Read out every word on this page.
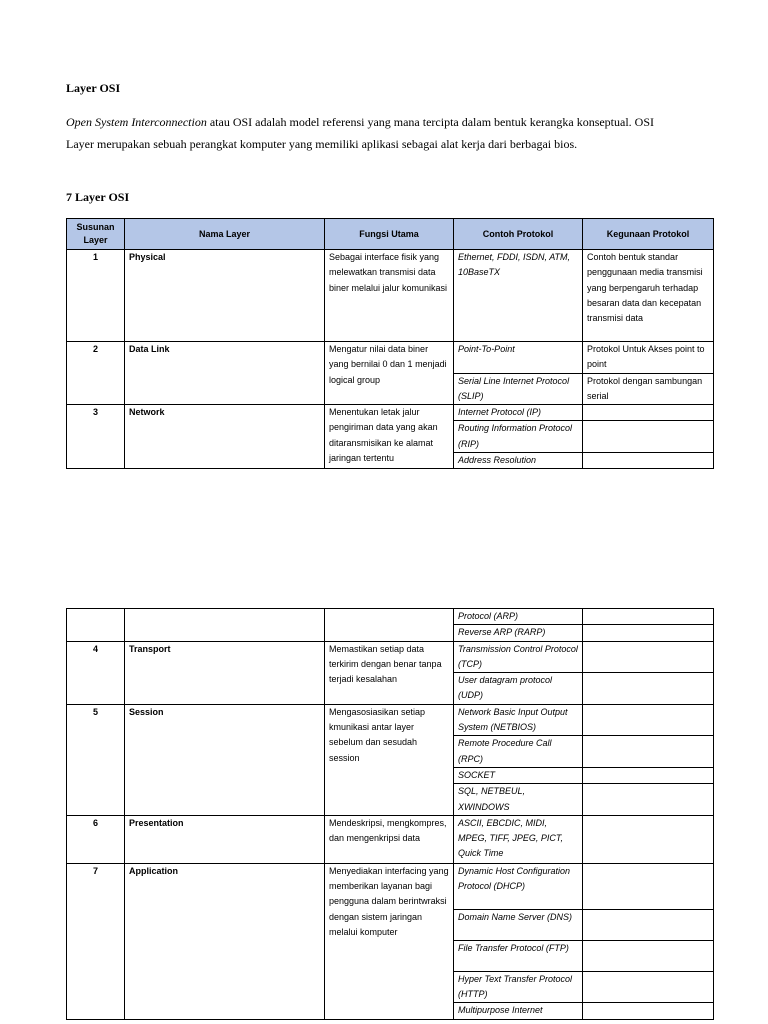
Layer OSI
Open System Interconnection atau OSI adalah model referensi yang mana tercipta dalam bentuk kerangka konseptual. OSI
Layer merupakan sebuah perangkat komputer yang memiliki aplikasi sebagai alat kerja dari berbagai bios.
7 Layer OSI
Susunan Layer	Nama Layer	Fungsi Utama	Contoh Protokol	Kegunaan Protokol
1	Physical	Sebagai interface fisik yang melewatkan transmisi data biner melalui jalur komunikasi	Ethernet, FDDI, ISDN, ATM, 10BaseTX	Contoh bentuk standar penggunaan media transmisi yang berpengaruh terhadap besaran data dan kecepatan transmisi data
2	Data Link	Mengatur nilai data biner yang bernilai 0 dan 1 menjadi logical group	Point-To-Point	Protokol Untuk Akses point to point
			Serial Line Internet Protocol (SLIP)	Protokol dengan sambungan serial
3	Network	Menentukan letak jalur pengiriman data yang akan ditaransmisikan ke alamat jaringan tertentu	Internet Protocol (IP)	
			Routing Information Protocol (RIP)	
			Address Resolution	
			Protocol (ARP)	
			Reverse ARP (RARP)	
4	Transport	Memastikan setiap data terkirim dengan benar tanpa terjadi kesalahan	Transmission Control Protocol (TCP)	
			User datagram protocol (UDP)	
5	Session	Mengasosiasikan setiap kmunikasi antar layer sebelum dan sesudah session	Network Basic Input Output System (NETBIOS)	
			Remote Procedure Call (RPC)	
			SOCKET	
			SQL, NETBEUL, XWINDOWS	
6	Presentation	Mendeskripsi, mengkompres, dan mengenkripsi data	ASCII, EBCDIC, MIDI, MPEG, TIFF, JPEG, PICT, Quick Time	
7	Application	Menyediakan interfacing yang memberikan layanan bagi pengguna dalam berintwraksi dengan sistem jaringan melalui komputer	Dynamic Host Configuration Protocol (DHCP)	
			Domain Name Server (DNS)	
			File Transfer Protocol (FTP)	
			Hyper Text Transfer Protocol (HTTP)	
			Multipurpose Internet	
